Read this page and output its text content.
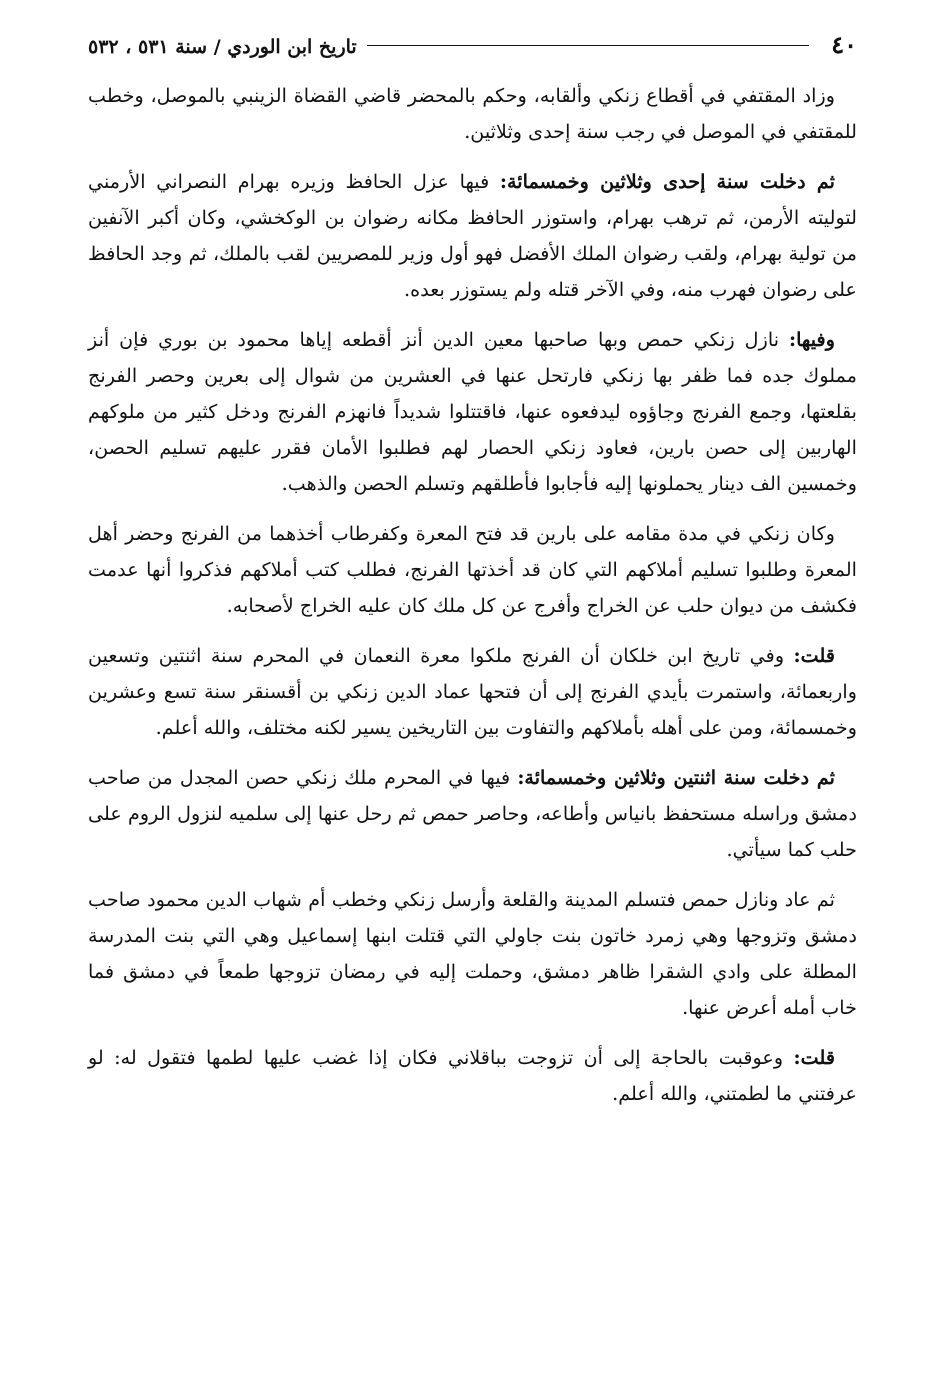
٤٠
تاريخ ابن الوردي / سنة ٥٣١ ، ٥٣٢

وزاد المقتفي في أقطاع زنكي وألقابه، وحكم بالمحضر قاضي القضاة الزينبي بالموصل، وخطب للمقتفي في الموصل في رجب سنة إحدى وثلاثين.

ثم دخلت سنة إحدى وثلاثين وخمسمائة: فيها عزل الحافظ وزيره بهرام النصراني الأرمني لتوليته الأرمن، ثم ترهب بهرام، واستوزر الحافظ مكانه رضوان بن الوكخشي، وكان أكبر الآنفين من تولية بهرام، ولقب رضوان الملك الأفضل فهو أول وزير للمصريين لقب بالملك، ثم وجد الحافظ على رضوان فهرب منه، وفي الآخر قتله ولم يستوزر بعده.

وفيها: نازل زنكي حمص وبها صاحبها معين الدين أنز أقطعه إياها محمود بن بوري فإن أنز مملوك جده فما ظفر بها زنكي فارتحل عنها في العشرين من شوال إلى بعرين وحصر الفرنج بقلعتها، وجمع الفرنج وجاؤوه ليدفعوه عنها، فاقتتلوا شديداً فانهزم الفرنج ودخل كثير من ملوكهم الهاربين إلى حصن بارين، فعاود زنكي الحصار لهم فطلبوا الأمان فقرر عليهم تسليم الحصن، وخمسين الف دينار يحملونها إليه فأجابوا فأطلقهم وتسلم الحصن والذهب.

وكان زنكي في مدة مقامه على بارين قد فتح المعرة وكفرطاب أخذهما من الفرنج وحضر أهل المعرة وطلبوا تسليم أملاكهم التي كان قد أخذتها الفرنج، فطلب كتب أملاكهم فذكروا أنها عدمت فكشف من ديوان حلب عن الخراج وأفرج عن كل ملك كان عليه الخراج لأصحابه.

قلت: وفي تاريخ ابن خلكان أن الفرنج ملكوا معرة النعمان في المحرم سنة اثنتين وتسعين واربعمائة، واستمرت بأيدي الفرنج إلى أن فتحها عماد الدين زنكي بن أقسنقر سنة تسع وعشرين وخمسمائة، ومن على أهله بأملاكهم والتفاوت بين التاريخين يسير لكنه مختلف، والله أعلم.

ثم دخلت سنة اثنتين وثلاثين وخمسمائة: فيها في المحرم ملك زنكي حصن المجدل من صاحب دمشق وراسله مستحفظ بانياس وأطاعه، وحاصر حمص ثم رحل عنها إلى سلميه لنزول الروم على حلب كما سيأتي.

ثم عاد ونازل حمص فتسلم المدينة والقلعة وأرسل زنكي وخطب أم شهاب الدين محمود صاحب دمشق وتزوجها وهي زمرد خاتون بنت جاولي التي قتلت ابنها إسماعيل وهي التي بنت المدرسة المطلة على وادي الشقرا ظاهر دمشق، وحملت إليه في رمضان تزوجها طمعاً في دمشق فما خاب أمله أعرض عنها.

قلت: وعوقبت بالحاجة إلى أن تزوجت بباقلاني فكان إذا غضب عليها لطمها فتقول له: لو عرفتني ما لطمتني، والله أعلم.
